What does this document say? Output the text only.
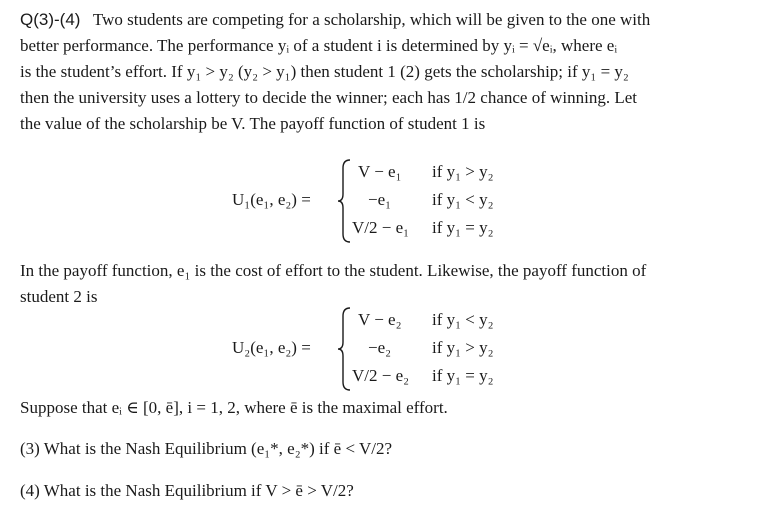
Q(3)-(4) Two students are competing for a scholarship, which will be given to the one with
better performance. The performance yᵢ of a student i is determined by yᵢ = √eᵢ, where eᵢ
is the student’s effort. If y₁ > y₂ (y₂ > y₁) then student 1 (2) gets the scholarship; if y₁ = y₂
then the university uses a lottery to decide the winner; each has 1/2 chance of winning. Let
the value of the scholarship be V. The payoff function of student 1 is
U₁(e₁, e₂) =
V − e₁
−e₁
V/2 − e₁
if y₁ > y₂
if y₁ < y₂
if y₁ = y₂
In the payoff function, e₁ is the cost of effort to the student. Likewise, the payoff function of
student 2 is
U₂(e₁, e₂) =
V − e₂
−e₂
V/2 − e₂
if y₁ < y₂
if y₁ > y₂
if y₁ = y₂
Suppose that eᵢ ∈ [0, ē], i = 1, 2, where ē is the maximal effort.
(3) What is the Nash Equilibrium (e₁*, e₂*) if ē < V/2?
(4) What is the Nash Equilibrium if V > ē > V/2?
